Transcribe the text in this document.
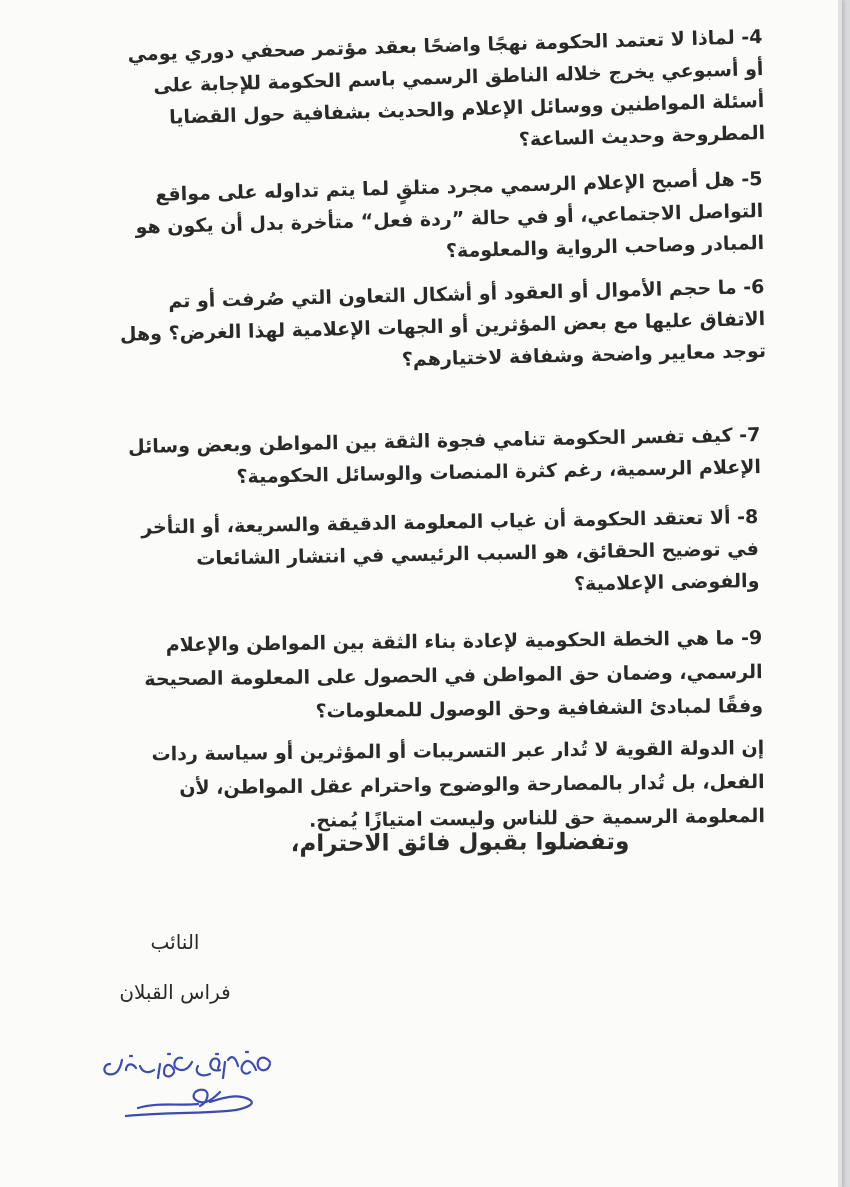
4- لماذا لا تعتمد الحكومة نهجًا واضحًا بعقد مؤتمر صحفي دوري يومي أو أسبوعي يخرج خلاله الناطق الرسمي باسم الحكومة للإجابة على أسئلة المواطنين ووسائل الإعلام والحديث بشفافية حول القضايا المطروحة وحديث الساعة؟

5- هل أصبح الإعلام الرسمي مجرد متلقٍ لما يتم تداوله على مواقع التواصل الاجتماعي، أو في حالة ”ردة فعل“ متأخرة بدل أن يكون هو المبادر وصاحب الرواية والمعلومة؟

6- ما حجم الأموال أو العقود أو أشكال التعاون التي صُرفت أو تم الاتفاق عليها مع بعض المؤثرين أو الجهات الإعلامية لهذا الغرض؟ وهل توجد معايير واضحة وشفافة لاختيارهم؟

7- كيف تفسر الحكومة تنامي فجوة الثقة بين المواطن وبعض وسائل الإعلام الرسمية، رغم كثرة المنصات والوسائل الحكومية؟

8- ألا تعتقد الحكومة أن غياب المعلومة الدقيقة والسريعة، أو التأخر في توضيح الحقائق، هو السبب الرئيسي في انتشار الشائعات والفوضى الإعلامية؟

9- ما هي الخطة الحكومية لإعادة بناء الثقة بين المواطن والإعلام الرسمي، وضمان حق المواطن في الحصول على المعلومة الصحيحة وفقًا لمبادئ الشفافية وحق الوصول للمعلومات؟

إن الدولة القوية لا تُدار عبر التسريبات أو المؤثرين أو سياسة ردات الفعل، بل تُدار بالمصارحة والوضوح واحترام عقل المواطن، لأن المعلومة الرسمية حق للناس وليست امتيازًا يُمنح.

وتفضلوا بقبول فائق الاحترام،
النائب
فراس القبلان
